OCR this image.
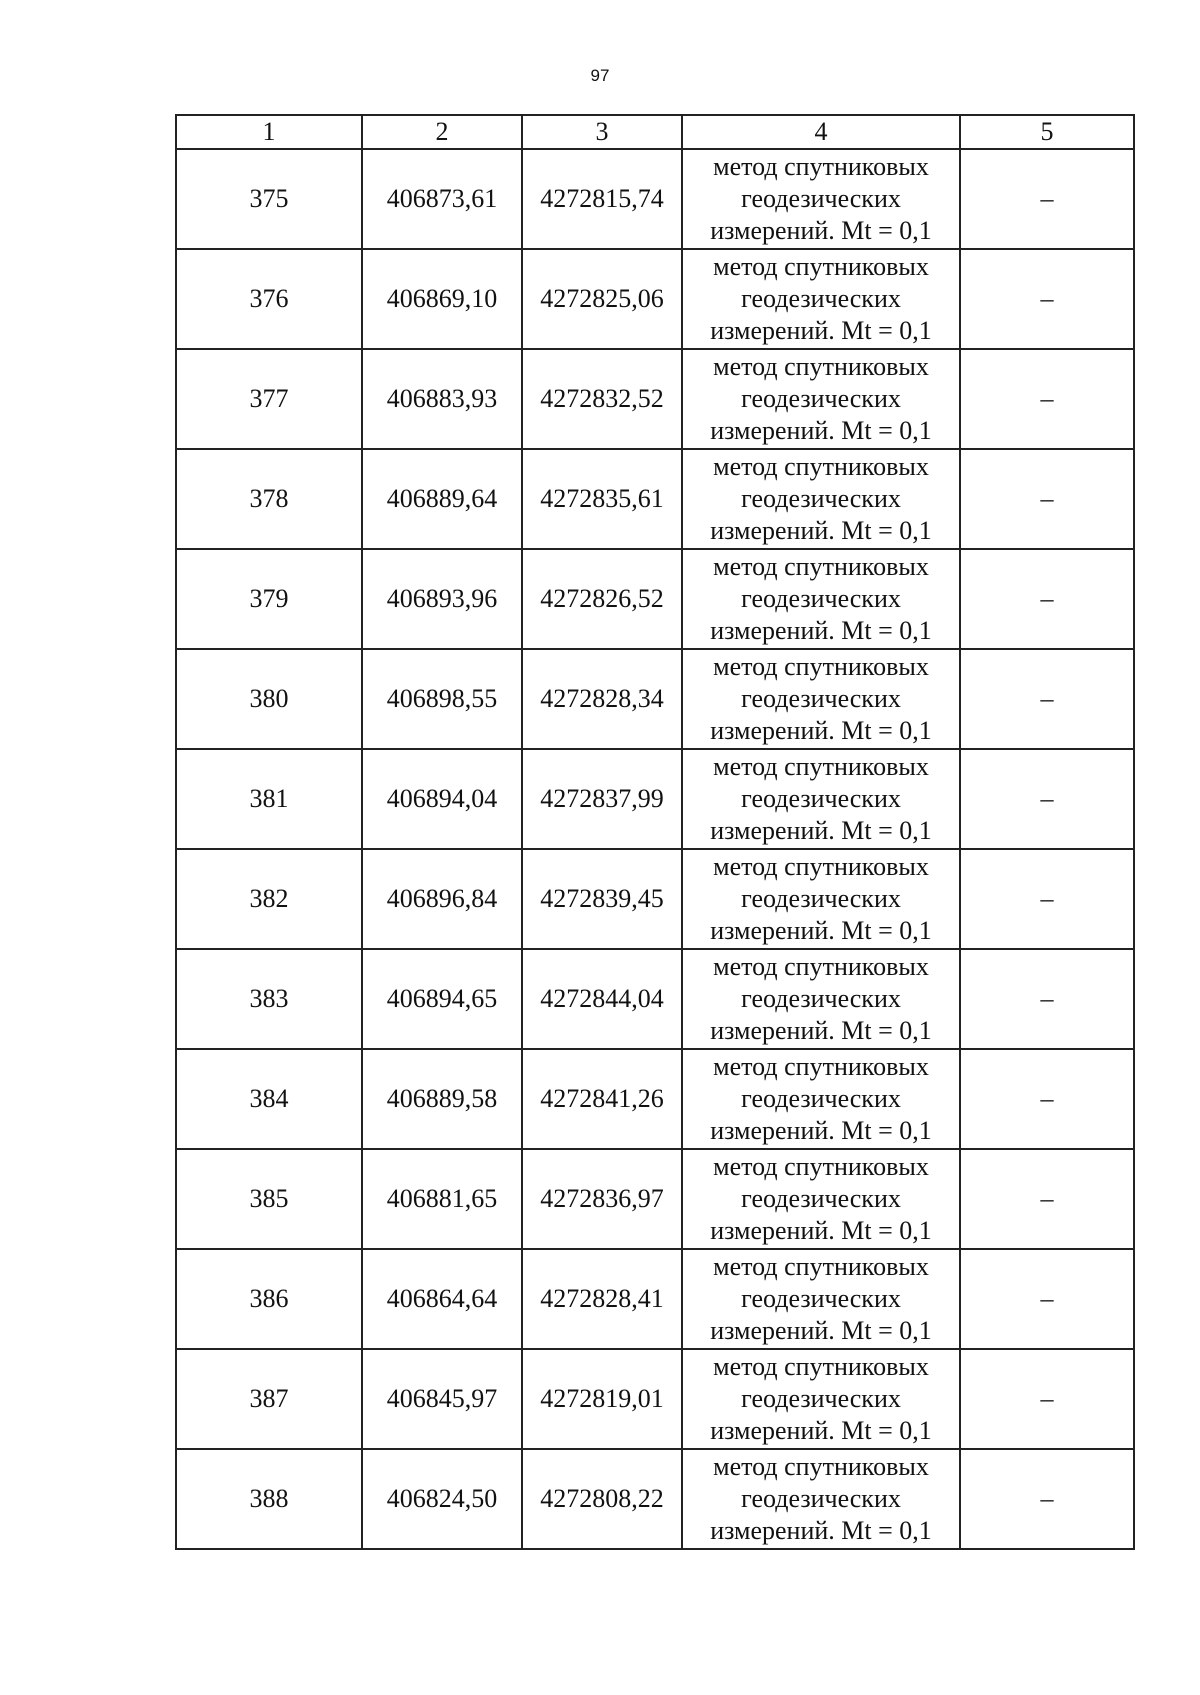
97
1	2	3	4	5
375	406873,61	4272815,74	метод спутниковых геодезических измерений. Mt = 0,1	–
376	406869,10	4272825,06	метод спутниковых геодезических измерений. Mt = 0,1	–
377	406883,93	4272832,52	метод спутниковых геодезических измерений. Mt = 0,1	–
378	406889,64	4272835,61	метод спутниковых геодезических измерений. Mt = 0,1	–
379	406893,96	4272826,52	метод спутниковых геодезических измерений. Mt = 0,1	–
380	406898,55	4272828,34	метод спутниковых геодезических измерений. Mt = 0,1	–
381	406894,04	4272837,99	метод спутниковых геодезических измерений. Mt = 0,1	–
382	406896,84	4272839,45	метод спутниковых геодезических измерений. Mt = 0,1	–
383	406894,65	4272844,04	метод спутниковых геодезических измерений. Mt = 0,1	–
384	406889,58	4272841,26	метод спутниковых геодезических измерений. Mt = 0,1	–
385	406881,65	4272836,97	метод спутниковых геодезических измерений. Mt = 0,1	–
386	406864,64	4272828,41	метод спутниковых геодезических измерений. Mt = 0,1	–
387	406845,97	4272819,01	метод спутниковых геодезических измерений. Mt = 0,1	–
388	406824,50	4272808,22	метод спутниковых геодезических измерений. Mt = 0,1	–
